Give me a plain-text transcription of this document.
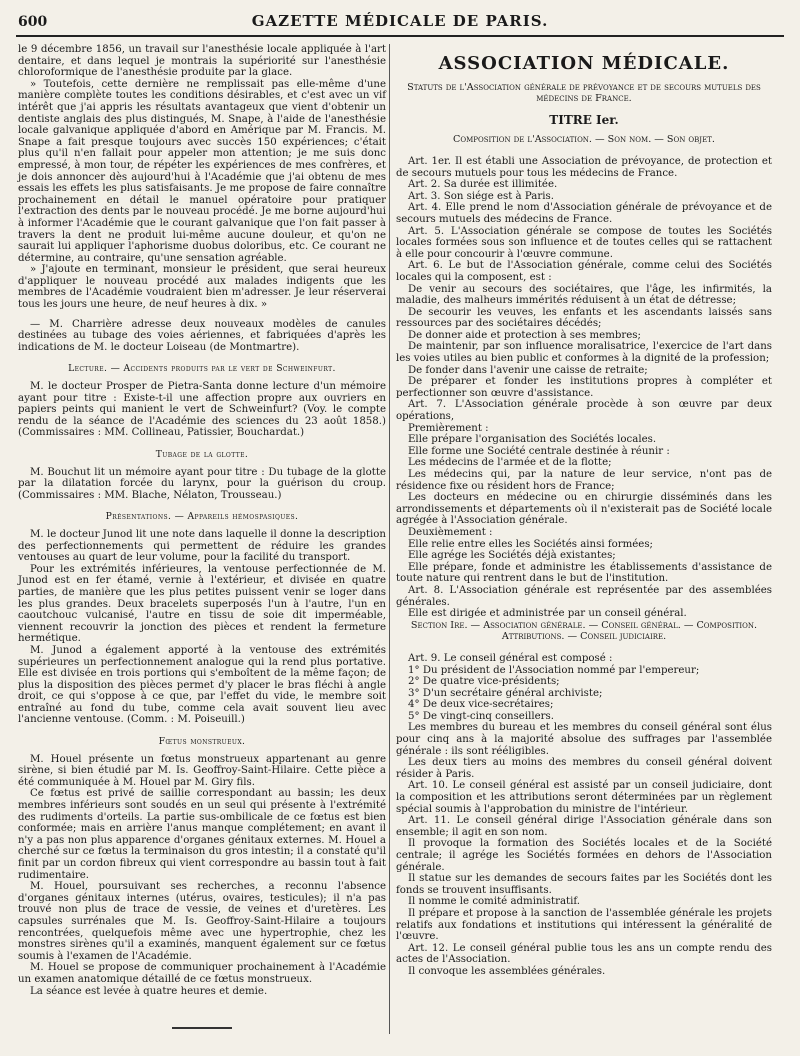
600	GAZETTE MÉDICALE DE PARIS.

le 9 décembre 1856, un travail sur l'anesthésie locale appliquée à l'art dentaire, et dans lequel je montrais la supériorité sur l'anesthésie chloroformique de l'anesthésie produite par la glace.

» Toutefois, cette dernière ne remplissait pas elle-même d'une manière complète toutes les conditions désirables, et c'est avec un vif intérêt que j'ai appris les résultats avantageux que vient d'obtenir un dentiste anglais des plus distingués, M. Snape, à l'aide de l'anesthésie locale galvanique appliquée d'abord en Amérique par M. Francis. M. Snape a fait presque toujours avec succès 150 expériences; c'était plus qu'il n'en fallait pour appeler mon attention; je me suis donc empressé, à mon tour, de répéter les expériences de mes confrères, et je dois annoncer dès aujourd'hui à l'Académie que j'ai obtenu de mes essais les effets les plus satisfaisants. Je me propose de faire connaître prochainement en détail le manuel opératoire pour pratiquer l'extraction des dents par le nouveau procédé. Je me borne aujourd'hui à informer l'Académie que le courant galvanique que l'on fait passer à travers la dent ne produit lui-même aucune douleur, et qu'on ne saurait lui appliquer l'aphorisme duobus doloribus, etc. Ce courant ne détermine, au contraire, qu'une sensation agréable.

» J'ajoute en terminant, monsieur le président, que serai heureux d'appliquer le nouveau procédé aux malades indigents que les membres de l'Académie voudraient bien m'adresser. Je leur réserverai tous les jours une heure, de neuf heures à dix. »

— M. Charrière adresse deux nouveaux modèles de canules destinées au tubage des voies aériennes, et fabriquées d'après les indications de M. le docteur Loiseau (de Montmartre).

Lecture. — Accidents produits par le vert de Schweinfurt.

M. le docteur Prosper de Pietra-Santa donne lecture d'un mémoire ayant pour titre : Existe-t-il une affection propre aux ouvriers en papiers peints qui manient le vert de Schweinfurt? (Voy. le compte rendu de la séance de l'Académie des sciences du 23 août 1858.) (Commissaires : MM. Collineau, Patissier, Bouchardat.)

Tubage de la glotte.

M. Bouchut lit un mémoire ayant pour titre : Du tubage de la glotte par la dilatation forcée du larynx, pour la guérison du croup. (Commissaires : MM. Blache, Nélaton, Trousseau.)

Présentations. — Appareils hémospasiques.

M. le docteur Junod lit une note dans laquelle il donne la description des perfectionnements qui permettent de réduire les grandes ventouses au quart de leur volume, pour la facilité du transport.

Pour les extrémités inférieures, la ventouse perfectionnée de M. Junod est en fer étamé, vernie à l'extérieur, et divisée en quatre parties, de manière que les plus petites puissent venir se loger dans les plus grandes. Deux bracelets superposés l'un à l'autre, l'un en caoutchouc vulcanisé, l'autre en tissu de soie dit imperméable, viennent recouvrir la jonction des pièces et rendent la fermeture hermétique.

M. Junod a également apporté à la ventouse des extrémités supérieures un perfectionnement analogue qui la rend plus portative. Elle est divisée en trois portions qui s'emboîtent de la même façon; de plus la disposition des pièces permet d'y placer le bras fléchi à angle droit, ce qui s'oppose à ce que, par l'effet du vide, le membre soit entraîné au fond du tube, comme cela avait souvent lieu avec l'ancienne ventouse. (Comm. : M. Poiseuill.)

Fœtus monstrueux.

M. Houel présente un fœtus monstrueux appartenant au genre sirène, si bien étudié par M. Is. Geoffroy-Saint-Hilaire. Cette pièce a été communiquée à M. Houel par M. Giry fils.

Ce fœtus est privé de saillie correspondant au bassin; les deux membres inférieurs sont soudés en un seul qui présente à l'extrémité des rudiments d'orteils. La partie sus-ombilicale de ce fœtus est bien conformée; mais en arrière l'anus manque complétement; en avant il n'y a pas non plus apparence d'organes génitaux externes. M. Houel a cherché sur ce fœtus la terminaison du gros intestin; il a constaté qu'il finit par un cordon fibreux qui vient correspondre au bassin tout à fait rudimentaire.

M. Houel, poursuivant ses recherches, a reconnu l'absence d'organes génitaux internes (utérus, ovaires, testicules); il n'a pas trouvé non plus de trace de vessie, de veines et d'uretères. Les capsules surrénales que M. Is. Geoffroy-Saint-Hilaire a toujours rencontrées, quelquefois même avec une hypertrophie, chez les monstres sirènes qu'il a examinés, manquent également sur ce fœtus soumis à l'examen de l'Académie.

M. Houel se propose de communiquer prochainement à l'Académie un examen anatomique détaillé de ce fœtus monstrueux.

La séance est levée à quatre heures et demie.

ASSOCIATION MÉDICALE.
Statuts de l'Association générale de prévoyance et de secours mutuels des médecins de France.
TITRE Ier.
Composition de l'Association. — Son nom. — Son objet.

Art. 1er. Il est établi une Association de prévoyance, de protection et de secours mutuels pour tous les médecins de France.

Art. 2. Sa durée est illimitée.

Art. 3. Son siége est à Paris.

Art. 4. Elle prend le nom d'Association générale de prévoyance et de secours mutuels des médecins de France.

Art. 5. L'Association générale se compose de toutes les Sociétés locales formées sous son influence et de toutes celles qui se rattachent à elle pour concourir à l'œuvre commune.

Art. 6. Le but de l'Association générale, comme celui des Sociétés locales qui la composent, est :

De venir au secours des sociétaires, que l'âge, les infirmités, la maladie, des malheurs immérités réduisent à un état de détresse;

De secourir les veuves, les enfants et les ascendants laissés sans ressources par des sociétaires décédés;

De donner aide et protection à ses membres;

De maintenir, par son influence moralisatrice, l'exercice de l'art dans les voies utiles au bien public et conformes à la dignité de la profession;

De fonder dans l'avenir une caisse de retraite;

De préparer et fonder les institutions propres à compléter et perfectionner son œuvre d'assistance.

Art. 7. L'Association générale procède à son œuvre par deux opérations,

Premièrement :

Elle prépare l'organisation des Sociétés locales.

Elle forme une Société centrale destinée à réunir :

Les médecins de l'armée et de la flotte;

Les médecins qui, par la nature de leur service, n'ont pas de résidence fixe ou résident hors de France;

Les docteurs en médecine ou en chirurgie disséminés dans les arrondissements et départements où il n'existerait pas de Société locale agrégée à l'Association générale.

Deuxièmement :

Elle relie entre elles les Sociétés ainsi formées;

Elle agrége les Sociétés déjà existantes;

Elle prépare, fonde et administre les établissements d'assistance de toute nature qui rentrent dans le but de l'institution.

Art. 8. L'Association générale est représentée par des assemblées générales.

Elle est dirigée et administrée par un conseil général.

Section Ire. — Association générale. — Conseil général. — Composition. Attributions. — Conseil judiciaire.

Art. 9. Le conseil général est composé :

1° Du président de l'Association nommé par l'empereur;

2° De quatre vice-présidents;

3° D'un secrétaire général archiviste;

4° De deux vice-secrétaires;

5° De vingt-cinq conseillers.

Les membres du bureau et les membres du conseil général sont élus pour cinq ans à la majorité absolue des suffrages par l'assemblée générale : ils sont rééligibles.

Les deux tiers au moins des membres du conseil général doivent résider à Paris.

Art. 10. Le conseil général est assisté par un conseil judiciaire, dont la composition et les attributions seront déterminées par un règlement spécial soumis à l'approbation du ministre de l'intérieur.

Art. 11. Le conseil général dirige l'Association générale dans son ensemble; il agit en son nom.

Il provoque la formation des Sociétés locales et de la Société centrale; il agrége les Sociétés formées en dehors de l'Association générale.

Il statue sur les demandes de secours faites par les Sociétés dont les fonds se trouvent insuffisants.

Il nomme le comité administratif.

Il prépare et propose à la sanction de l'assemblée générale les projets relatifs aux fondations et institutions qui intéressent la généralité de l'œuvre.

Art. 12. Le conseil général publie tous les ans un compte rendu des actes de l'Association.

Il convoque les assemblées générales.
